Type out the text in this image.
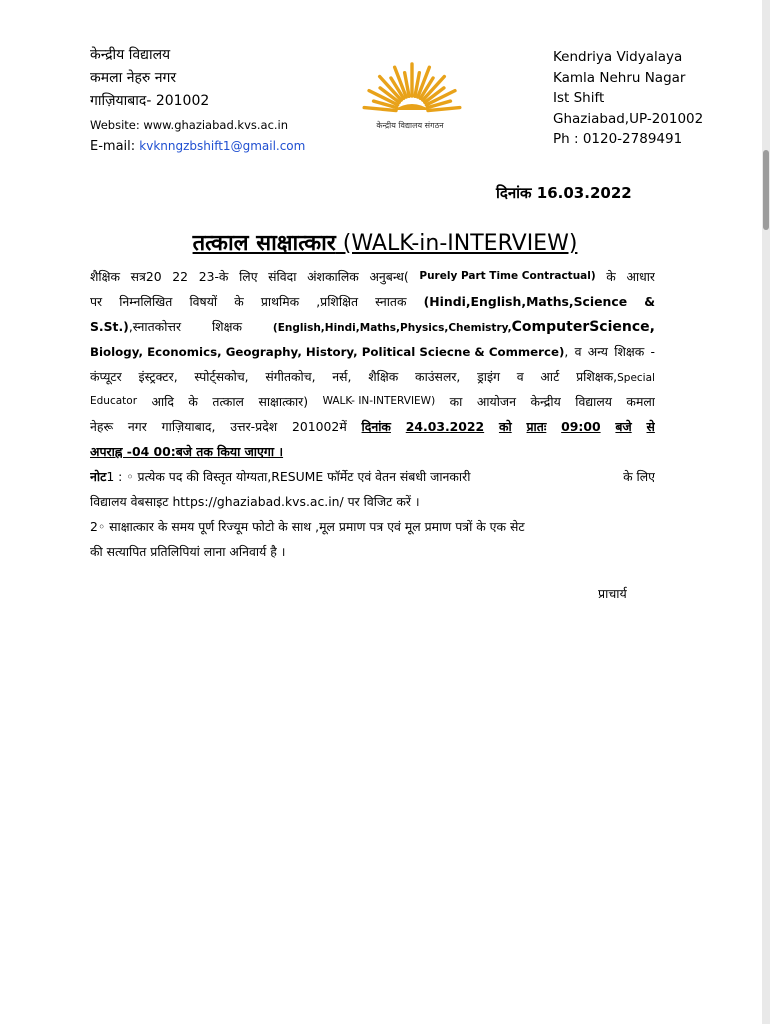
केन्द्रीय विद्यालय
कमला नेहरु नगर
गाज़ियाबाद- 201002
Website: www.ghaziabad.kvs.ac.in
E-mail: kvknngzbshift1@gmail.com
केन्द्रीय विद्यालय संगठन
Kendriya Vidyalaya
Kamla Nehru Nagar
Ist Shift
Ghaziabad,UP-201002
Ph : 0120-2789491
दिनांक 16.03.2022
तत्काल साक्षात्कार (WALK-in-INTERVIEW)
शैक्षिक सत्र20 22 23-के लिए संविदा अंशकालिक अनुबन्ध( Purely Part Time Contractual) के आधार
पर निम्नलिखित विषयों के प्राथमिक ,प्रशिक्षित स्नातक (Hindi,English,Maths,Science &
S.St.),स्नातकोत्तर शिक्षक	(English,Hindi,Maths,Physics,Chemistry,ComputerScience,
Biology, Economics, Geography, History, Political Sciecne & Commerce), व अन्य शिक्षक -
कंप्यूटर इंस्ट्रक्टर, स्पोर्ट्सकोच, संगीतकोच, नर्स, शैक्षिक काउंसलर, ड्राइंग व आर्ट प्रशिक्षक,Special
Educator आदि के तत्काल साक्षात्कार) WALK- IN-INTERVIEW) का आयोजन केन्द्रीय विद्यालय कमला
नेहरू नगर गाज़ियाबाद, उत्तर-प्रदेश 201002में दिनांक 24.03.2022 को प्रातः 09:00 बजे से
अपराह्न -04 00:बजे तक किया जाएगा ।
नोट1 : ◦ प्रत्येक पद की विस्तृत योग्यता,RESUME फॉर्मेट एवं वेतन संबधी जानकारी	के लिए
विद्यालय वेबसाइट https://ghaziabad.kvs.ac.in/ पर विजिट करें ।
2◦ साक्षात्कार के समय पूर्ण रिज्यूम फोटो के साथ ,मूल प्रमाण पत्र एवं मूल प्रमाण पत्रों के एक सेट
की सत्यापित प्रतिलिपियां लाना अनिवार्य है ।
प्राचार्य
